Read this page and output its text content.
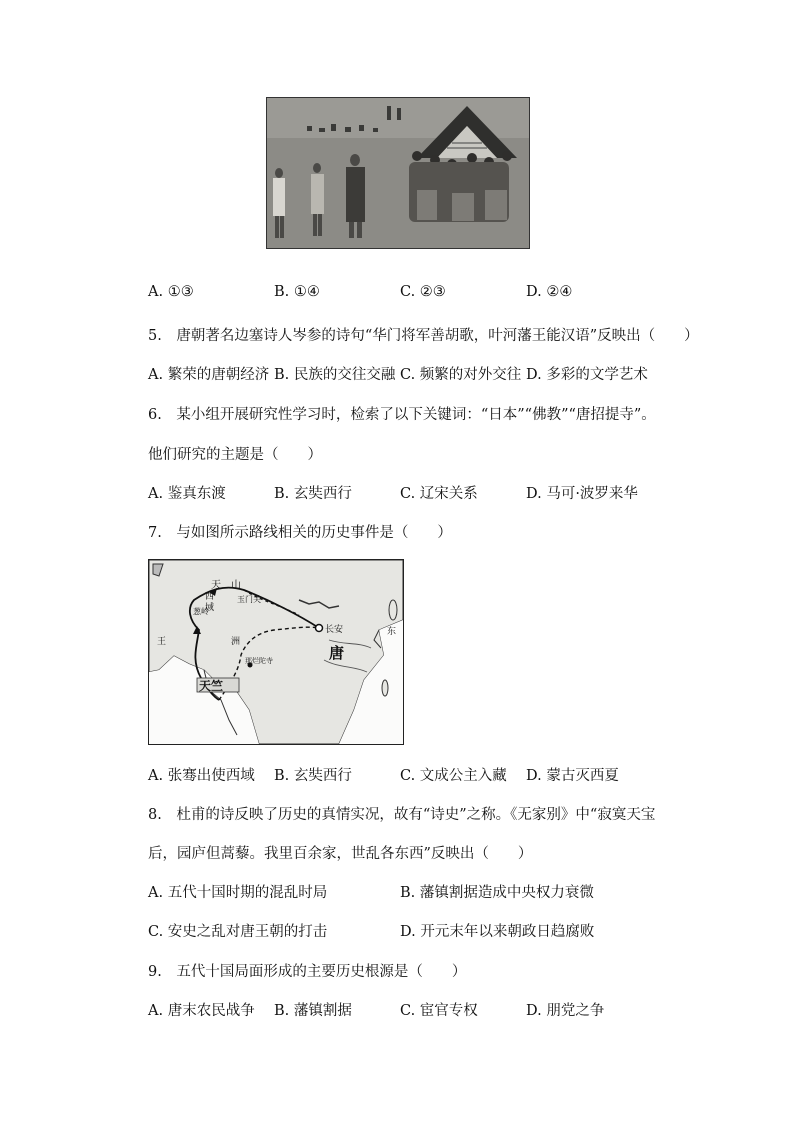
A. ①③	B. ①④	C. ②③	D. ②④
5.　唐朝著名边塞诗人岑参的诗句“华门将军善胡歌，叶河藩王能汉语”反映出（　　）
A. 繁荣的唐朝经济 B. 民族的交往交融 C. 频繁的对外交往 D. 多彩的文学艺术
6.　某小组开展研究性学习时，检索了以下关键词：“日本”“佛教”“唐招提寺”。
他们研究的主题是（　　）
A. 鉴真东渡	B. 玄奘西行	C. 辽宋关系	D. 马可·波罗来华
7.　与如图所示路线相关的历史事件是（　　）
天　山
西
域
玉门关
葱岭
长安
唐
洲
天竺
那烂陀寺
王
东
A. 张骞出使西域 B. 玄奘西行	C. 文成公主入藏 D. 蒙古灭西夏
8.　杜甫的诗反映了历史的真情实况，故有“诗史”之称。《无家别》中“寂寞天宝
后，园庐但蒿藜。我里百余家，世乱各东西”反映出（　　）
A. 五代十国时期的混乱时局	B. 藩镇割据造成中央权力衰微
C. 安史之乱对唐王朝的打击	D. 开元末年以来朝政日趋腐败
9.　五代十国局面形成的主要历史根源是（　　）
A. 唐末农民战争 B. 藩镇割据	C. 宦官专权	D. 朋党之争
